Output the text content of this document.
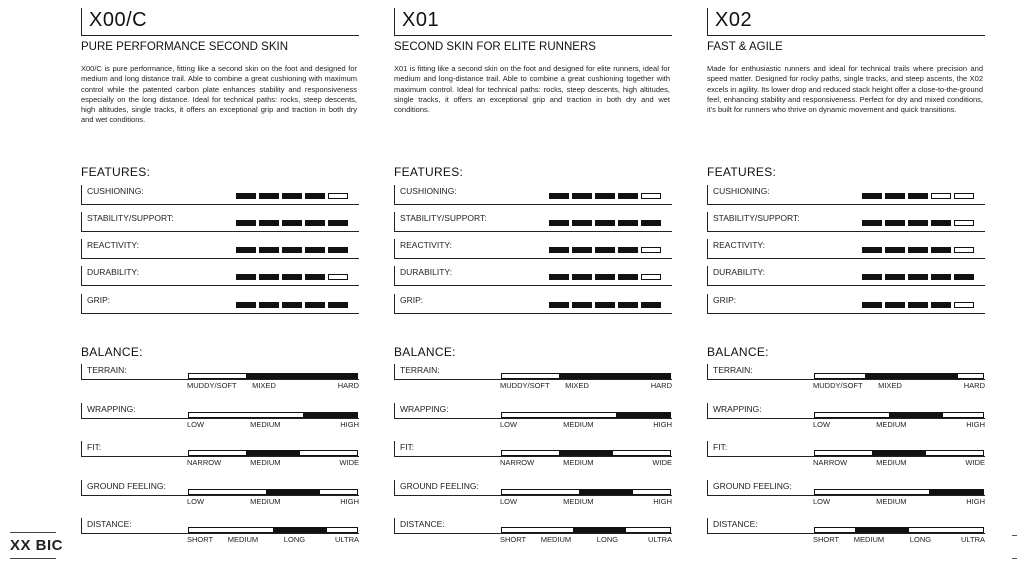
X00/C
PURE PERFORMANCE SECOND SKIN
X00/C is pure performance, fitting like a second skin on the foot and designed for medium and long distance trail. Able to combine a great cushioning with maximum control while the patented carbon plate enhances stability and responsiveness especially on the long distance. Ideal for technical paths: rocks, steep descents, high altitudes, single tracks, it offers an exceptional grip and traction in both dry and wet conditions.
FEATURES:
CUSHIONING:
STABILITY/SUPPORT:
REACTIVITY:
DURABILITY:
GRIP:
BALANCE:
TERRAIN:
MUDDY/SOFT MIXED	HARD
WRAPPING:
LOW	MEDIUM	HIGH
FIT:
NARROW	MEDIUM	WIDE
GROUND FEELING:
LOW	MEDIUM	HIGH
DISTANCE:
SHORT MEDIUM	LONG	ULTRA
X01
SECOND SKIN FOR ELITE RUNNERS
X01 is fitting like a second skin on the foot and designed for elite runners, ideal for medium and long-distance trail. Able to combine a great cushioning together with maximum control. Ideal for technical paths: rocks, steep descents, high altitudes, single tracks, it offers an exceptional grip and traction in both dry and wet conditions.
FEATURES:
CUSHIONING:
STABILITY/SUPPORT:
REACTIVITY:
DURABILITY:
GRIP:
BALANCE:
TERRAIN:
MUDDY/SOFT MIXED	HARD
WRAPPING:
LOW	MEDIUM	HIGH
FIT:
NARROW	MEDIUM	WIDE
GROUND FEELING:
LOW	MEDIUM	HIGH
DISTANCE:
SHORT MEDIUM	LONG	ULTRA
X02
FAST & AGILE
Made for enthusiastic runners and ideal for technical trails where precision and speed matter. Designed for rocky paths, single tracks, and steep ascents, the X02 excels in agility. Its lower drop and reduced stack height offer a close-to-the-ground feel, enhancing stability and responsiveness. Perfect for dry and mixed conditions, it's built for runners who thrive on dynamic movement and quick transitions.
FEATURES:
CUSHIONING:
STABILITY/SUPPORT:
REACTIVITY:
DURABILITY:
GRIP:
BALANCE:
TERRAIN:
MUDDY/SOFT MIXED	HARD
WRAPPING:
LOW	MEDIUM	HIGH
FIT:
NARROW	MEDIUM	WIDE
GROUND FEELING:
LOW	MEDIUM	HIGH
DISTANCE:
SHORT MEDIUM	LONG	ULTRA
XX BIC
